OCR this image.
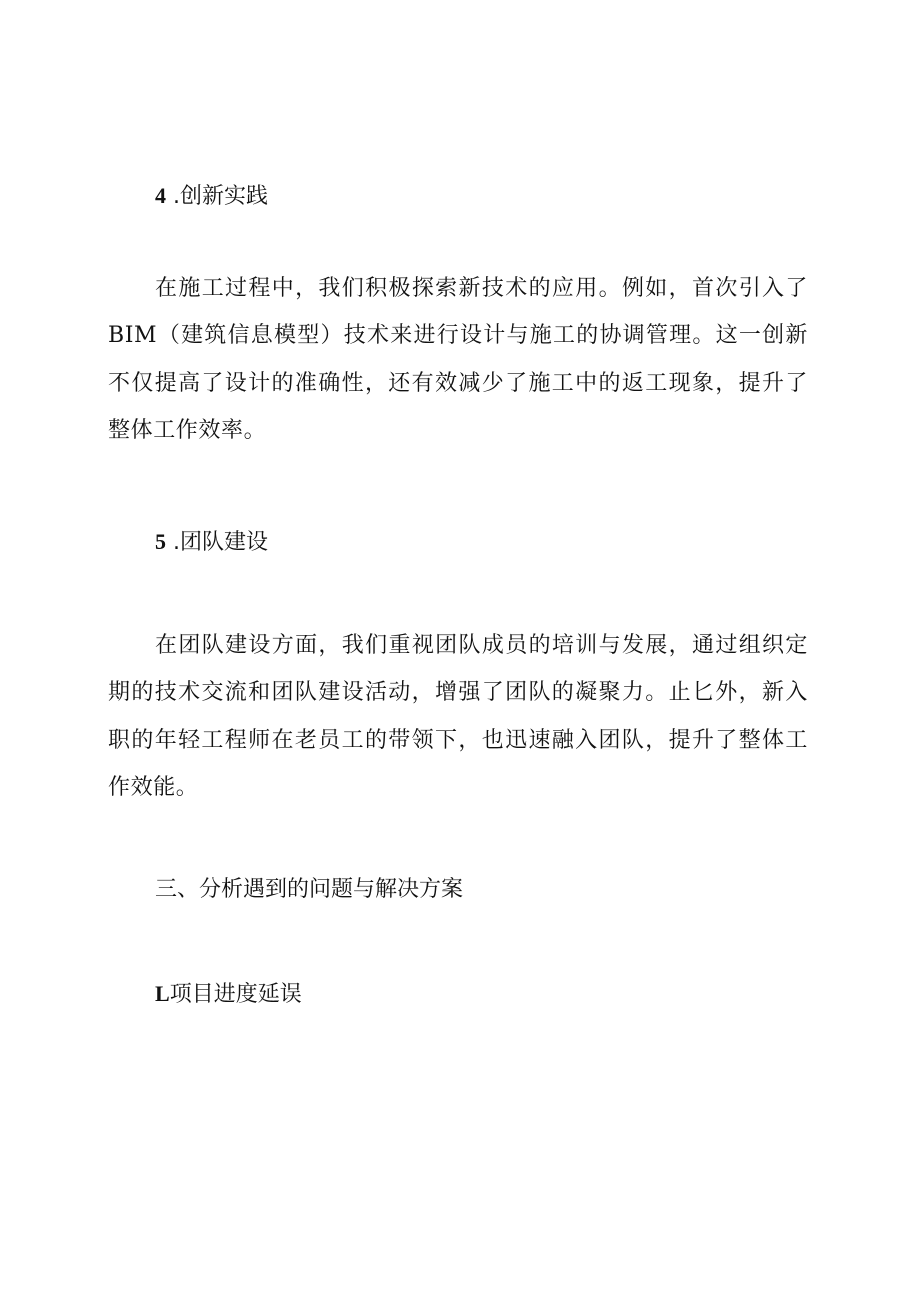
4 .创新实践

在施工过程中，我们积极探索新技术的应用。例如，首次引入了BIM（建筑信息模型）技术来进行设计与施工的协调管理。这一创新不仅提高了设计的准确性，还有效减少了施工中的返工现象，提升了整体工作效率。

5 .团队建设

在团队建设方面，我们重视团队成员的培训与发展，通过组织定期的技术交流和团队建设活动，增强了团队的凝聚力。止匕外，新入职的年轻工程师在老员工的带领下，也迅速融入团队，提升了整体工作效能。

三、分析遇到的问题与解决方案
L项目进度延误
